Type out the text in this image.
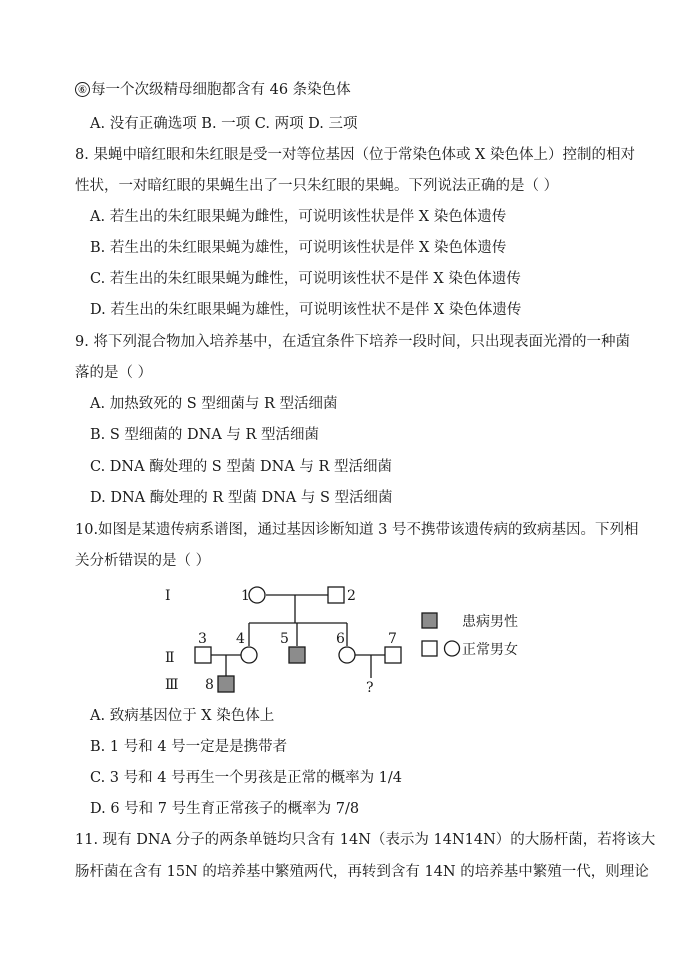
⑥ 每一个次级精母细胞都含有 46 条染色体
A. 没有正确选项 B. 一项 C. 两项 D. 三项
8. 果蝇中暗红眼和朱红眼是受一对等位基因（位于常染色体或 X 染色体上）控制的相对
性状，一对暗红眼的果蝇生出了一只朱红眼的果蝇。下列说法正确的是（ ）
A. 若生出的朱红眼果蝇为雌性，可说明该性状是伴 X 染色体遗传
B. 若生出的朱红眼果蝇为雄性，可说明该性状是伴 X 染色体遗传
C. 若生出的朱红眼果蝇为雌性，可说明该性状不是伴 X 染色体遗传
D. 若生出的朱红眼果蝇为雄性，可说明该性状不是伴 X 染色体遗传
9. 将下列混合物加入培养基中，在适宜条件下培养一段时间，只出现表面光滑的一种菌
落的是（ ）
A. 加热致死的 S 型细菌与 R 型活细菌
B. S 型细菌的 DNA 与 R 型活细菌
C. DNA 酶处理的 S 型菌 DNA 与 R 型活细菌
D. DNA 酶处理的 R 型菌 DNA 与 S 型活细菌
10.如图是某遗传病系谱图，通过基因诊断知道 3 号不携带该遗传病的致病基因。下列相
关分析错误的是（ ）
Ⅰ
Ⅱ
Ⅲ
1	2
3 4	5	6	7
8	?
患病男性
正常男女
A. 致病基因位于 X 染色体上
B. 1 号和 4 号一定是是携带者
C. 3 号和 4 号再生一个男孩是正常的概率为 1/4
D. 6 号和 7 号生育正常孩子的概率为 7/8
11. 现有 DNA 分子的两条单链均只含有 14N（表示为 14N14N）的大肠杆菌，若将该大
肠杆菌在含有 15N 的培养基中繁殖两代，再转到含有 14N 的培养基中繁殖一代，则理论
